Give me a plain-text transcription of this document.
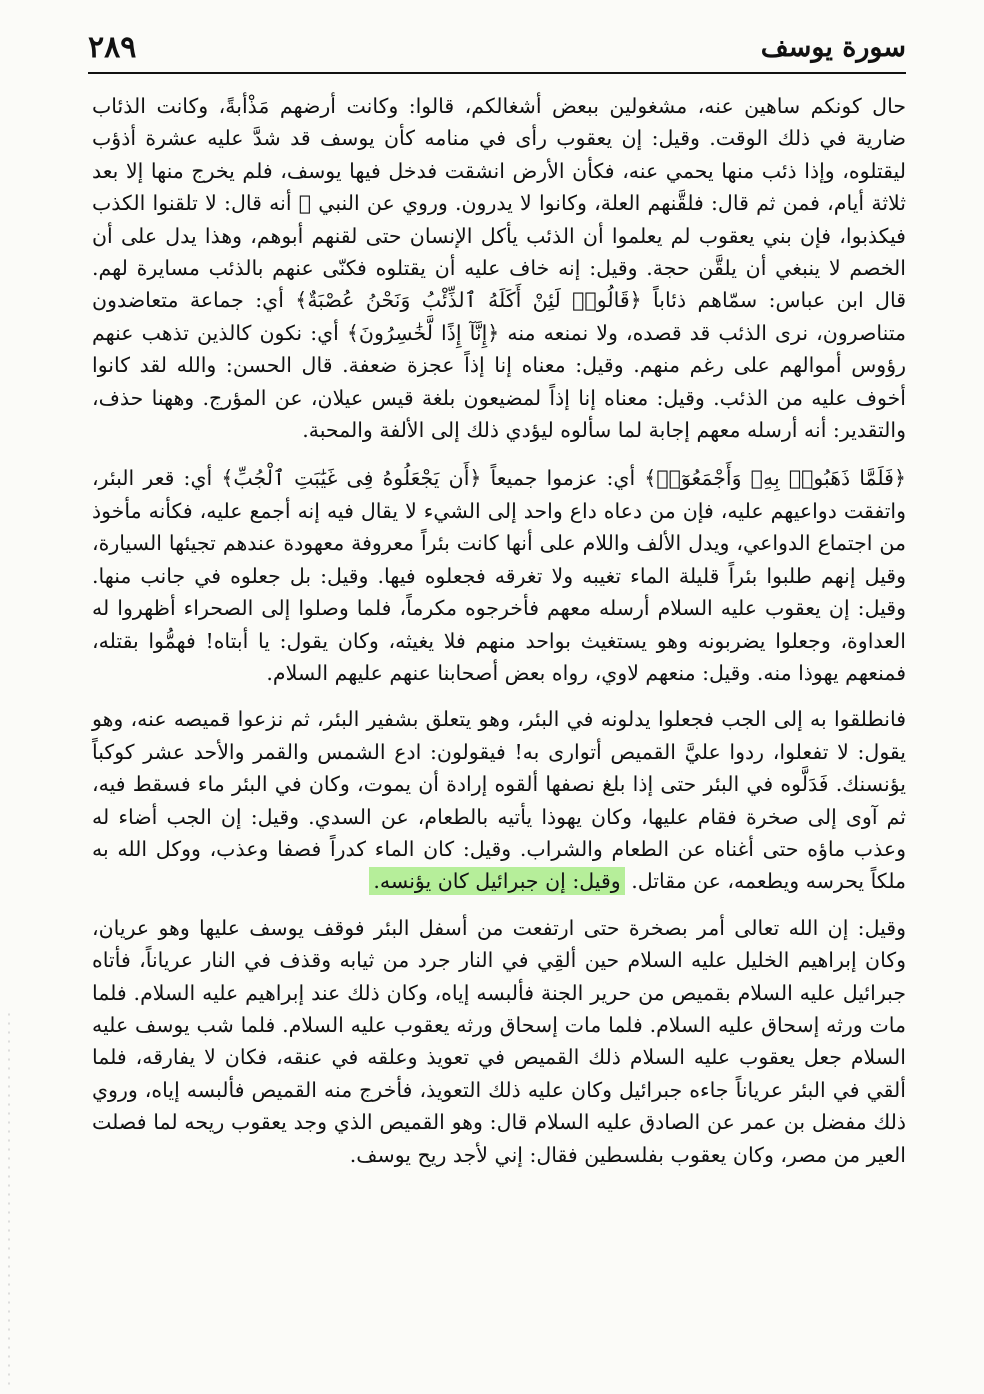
سورة يوسف
٢٨٩

حال كونكم ساهين عنه، مشغولين ببعض أشغالكم، قالوا: وكانت أرضهم مَذْأبةً، وكانت الذئاب ضارية في ذلك الوقت. وقيل: إن يعقوب رأى في منامه كأن يوسف قد شدَّ عليه عشرة أذؤب ليقتلوه، وإذا ذئب منها يحمي عنه، فكأن الأرض انشقت فدخل فيها يوسف، فلم يخرج منها إلا بعد ثلاثة أيام، فمن ثم قال: فلقَّنهم العلة، وكانوا لا يدرون. وروي عن النبي ﷺ أنه قال: لا تلقنوا الكذب فيكذبوا، فإن بني يعقوب لم يعلموا أن الذئب يأكل الإنسان حتى لقنهم أبوهم، وهذا يدل على أن الخصم لا ينبغي أن يلقَّن حجة. وقيل: إنه خاف عليه أن يقتلوه فكنّى عنهم بالذئب مسايرة لهم. قال ابن عباس: سمّاهم ذئاباً ﴿قَالُوا۟ لَئِنْ أَكَلَهُ ٱلذِّئْبُ وَنَحْنُ عُصْبَةٌ﴾ أي: جماعة متعاضدون متناصرون، نرى الذئب قد قصده، ولا نمنعه منه ﴿إِنَّآ إِذًا لَّخَٰسِرُونَ﴾ أي: نكون كالذين تذهب عنهم رؤوس أموالهم على رغم منهم. وقيل: معناه إنا إذاً عجزة ضعفة. قال الحسن: والله لقد كانوا أخوف عليه من الذئب. وقيل: معناه إنا إذاً لمضيعون بلغة قيس عيلان، عن المؤرج. وههنا حذف، والتقدير: أنه أرسله معهم إجابة لما سألوه ليؤدي ذلك إلى الألفة والمحبة.

﴿فَلَمَّا ذَهَبُوا۟ بِهِۦ وَأَجْمَعُوٓا۟﴾ أي: عزموا جميعاً ﴿أَن يَجْعَلُوهُ فِى غَيَٰبَتِ ٱلْجُبِّ﴾ أي: قعر البئر، واتفقت دواعيهم عليه، فإن من دعاه داع واحد إلى الشيء لا يقال فيه إنه أجمع عليه، فكأنه مأخوذ من اجتماع الدواعي، ويدل الألف واللام على أنها كانت بئراً معروفة معهودة عندهم تجيئها السيارة، وقيل إنهم طلبوا بئراً قليلة الماء تغيبه ولا تغرقه فجعلوه فيها. وقيل: بل جعلوه في جانب منها. وقيل: إن يعقوب عليه السلام أرسله معهم فأخرجوه مكرماً، فلما وصلوا إلى الصحراء أظهروا له العداوة، وجعلوا يضربونه وهو يستغيث بواحد منهم فلا يغيثه، وكان يقول: يا أبتاه! فهمُّوا بقتله، فمنعهم يهوذا منه. وقيل: منعهم لاوي، رواه بعض أصحابنا عنهم عليهم السلام.

فانطلقوا به إلى الجب فجعلوا يدلونه في البئر، وهو يتعلق بشفير البئر، ثم نزعوا قميصه عنه، وهو يقول: لا تفعلوا، ردوا عليَّ القميص أتوارى به! فيقولون: ادع الشمس والقمر والأحد عشر كوكباً يؤنسنك. فَدَلَّوه في البئر حتى إذا بلغ نصفها ألقوه إرادة أن يموت، وكان في البئر ماء فسقط فيه، ثم آوى إلى صخرة فقام عليها، وكان يهوذا يأتيه بالطعام، عن السدي. وقيل: إن الجب أضاء له وعذب ماؤه حتى أغناه عن الطعام والشراب. وقيل: كان الماء كدراً فصفا وعذب، ووكل الله به ملكاً يحرسه ويطعمه، عن مقاتل. وقيل: إن جبرائيل كان يؤنسه.

وقيل: إن الله تعالى أمر بصخرة حتى ارتفعت من أسفل البئر فوقف يوسف عليها وهو عريان، وكان إبراهيم الخليل عليه السلام حين ألقِي في النار جرد من ثيابه وقذف في النار عرياناً، فأتاه جبرائيل عليه السلام بقميص من حرير الجنة فألبسه إياه، وكان ذلك عند إبراهيم عليه السلام. فلما مات ورثه إسحاق عليه السلام. فلما مات إسحاق ورثه يعقوب عليه السلام. فلما شب يوسف عليه السلام جعل يعقوب عليه السلام ذلك القميص في تعويذ وعلقه في عنقه، فكان لا يفارقه، فلما ألقي في البئر عرياناً جاءه جبرائيل وكان عليه ذلك التعويذ، فأخرج منه القميص فألبسه إياه، وروي ذلك مفضل بن عمر عن الصادق عليه السلام قال: وهو القميص الذي وجد يعقوب ريحه لما فصلت العير من مصر، وكان يعقوب بفلسطين فقال: إني لأجد ريح يوسف.
